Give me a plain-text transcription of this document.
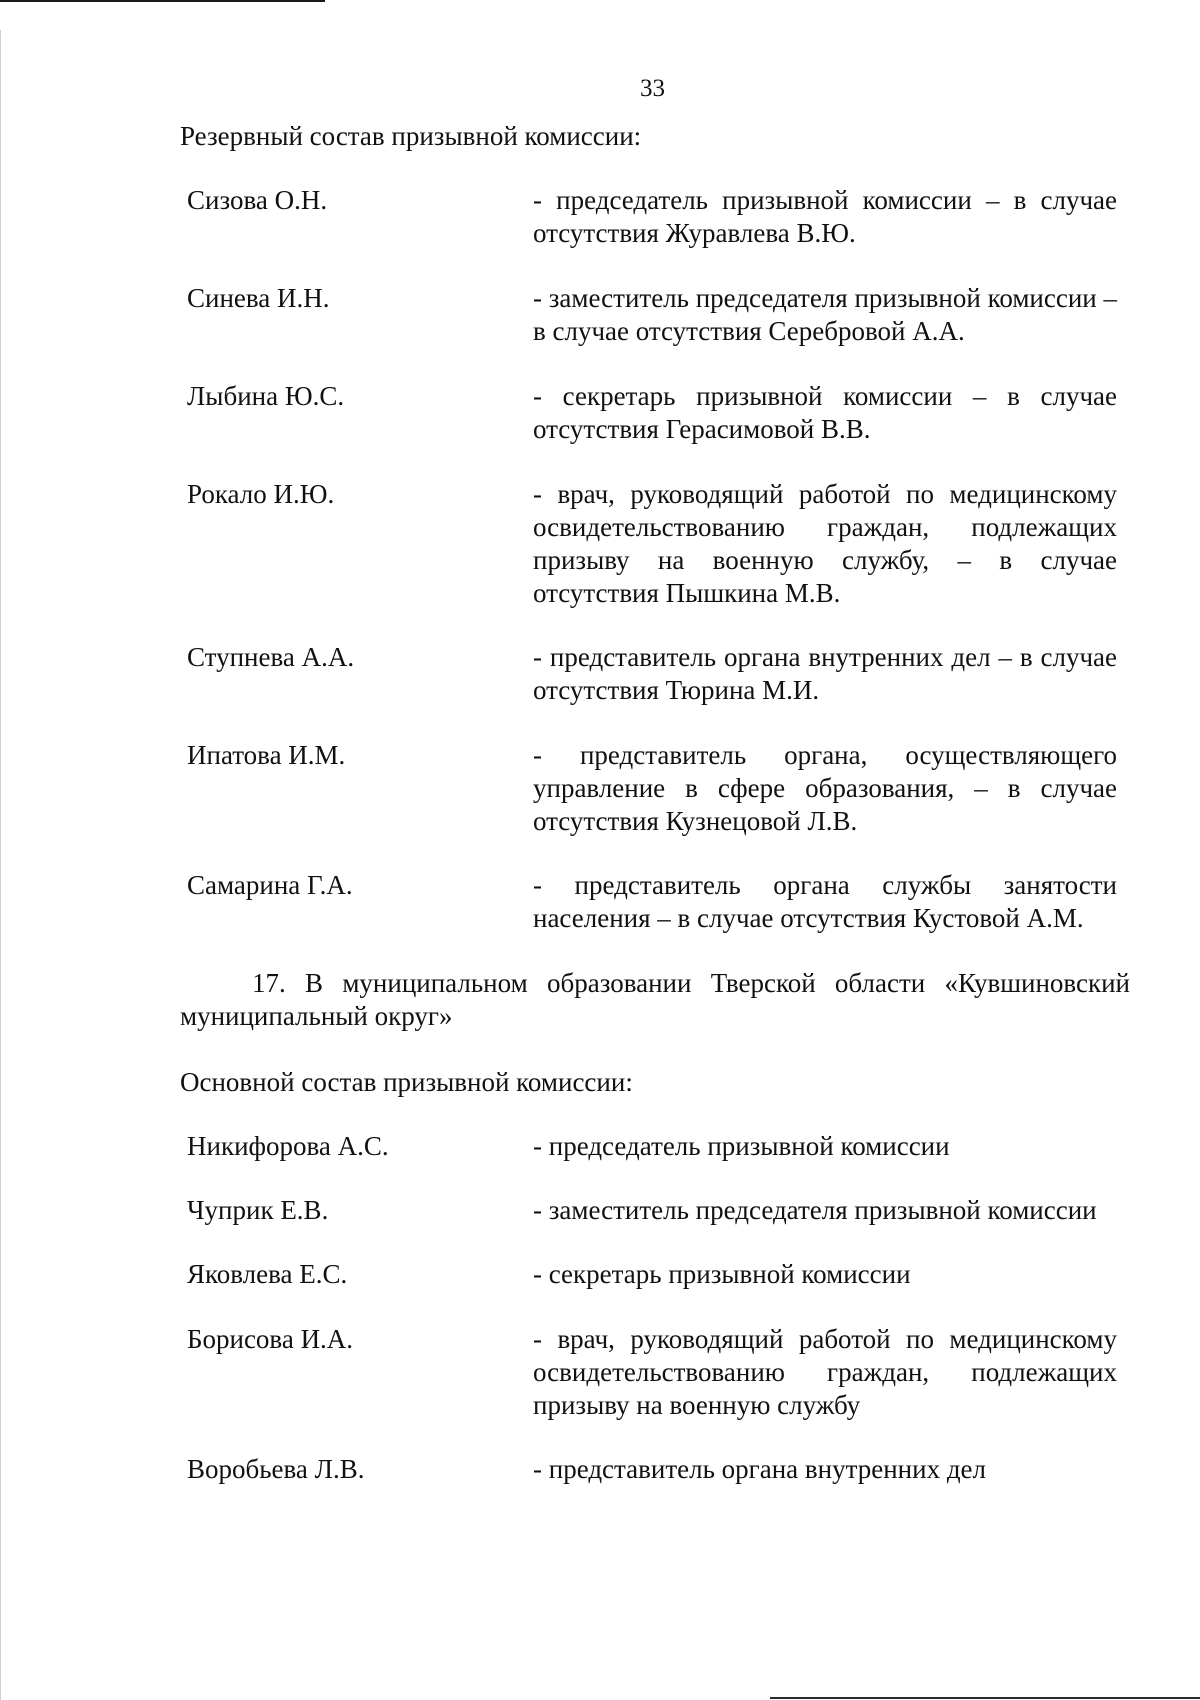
33
Резервный состав призывной комиссии:
Сизова О.Н.	- председатель призывной комиссии – в случае отсутствия Журавлева В.Ю.
Синева И.Н.	- заместитель председателя призывной комиссии – в случае отсутствия Серебровой А.А.
Лыбина Ю.С.	- секретарь призывной комиссии – в случае отсутствия Герасимовой В.В.
Рокало И.Ю.	- врач, руководящий работой по медицинскому освидетельствованию граждан, подлежащих призыву на военную службу, – в случае отсутствия Пышкина М.В.
Ступнева А.А.	- представитель органа внутренних дел – в случае отсутствия Тюрина М.И.
Ипатова И.М.	- представитель органа, осуществляющего управление в сфере образования, – в случае отсутствия Кузнецовой Л.В.
Самарина Г.А.	- представитель органа службы занятости населения – в случае отсутствия Кустовой А.М.
17. В муниципальном образовании Тверской области «Кувшиновский муниципальный округ»
Основной состав призывной комиссии:
Никифорова А.С.	- председатель призывной комиссии
Чуприк Е.В.	- заместитель председателя призывной комиссии
Яковлева Е.С.	- секретарь призывной комиссии
Борисова И.А.	- врач, руководящий работой по медицинскому освидетельствованию граждан, подлежащих призыву на военную службу
Воробьева Л.В.	- представитель органа внутренних дел
